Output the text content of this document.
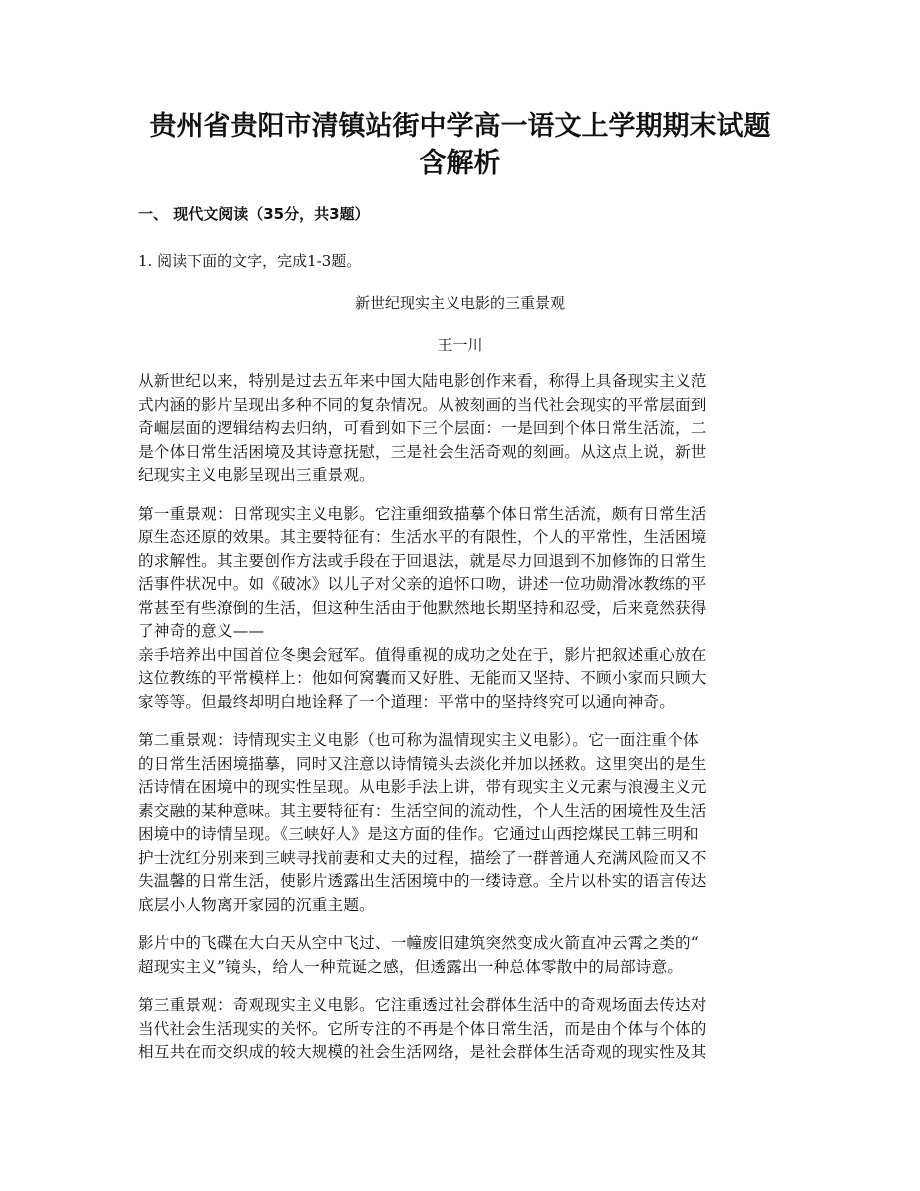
贵州省贵阳市清镇站街中学高一语文上学期期末试题
含解析

一、 现代文阅读（35分，共3题）

1. 阅读下面的文字，完成1-3题。

新世纪现实主义电影的三重景观

王一川

从新世纪以来，特别是过去五年来中国大陆电影创作来看，称得上具备现实主义范
式内涵的影片呈现出多种不同的复杂情况。从被刻画的当代社会现实的平常层面到
奇崛层面的逻辑结构去归纳，可看到如下三个层面：一是回到个体日常生活流，二
是个体日常生活困境及其诗意抚慰，三是社会生活奇观的刻画。从这点上说，新世
纪现实主义电影呈现出三重景观。

第一重景观：日常现实主义电影。它注重细致描摹个体日常生活流，颇有日常生活
原生态还原的效果。其主要特征有：生活水平的有限性，个人的平常性，生活困境
的求解性。其主要创作方法或手段在于回退法，就是尽力回退到不加修饰的日常生
活事件状况中。如《破冰》以儿子对父亲的追怀口吻，讲述一位功勋滑冰教练的平
常甚至有些潦倒的生活，但这种生活由于他默然地长期坚持和忍受，后来竟然获得
了神奇的意义——

亲手培养出中国首位冬奥会冠军。值得重视的成功之处在于，影片把叙述重心放在
这位教练的平常模样上：他如何窝囊而又好胜、无能而又坚持、不顾小家而只顾大
家等等。但最终却明白地诠释了一个道理：平常中的坚持终究可以通向神奇。

第二重景观：诗情现实主义电影（也可称为温情现实主义电影）。它一面注重个体
的日常生活困境描摹，同时又注意以诗情镜头去淡化并加以拯救。这里突出的是生
活诗情在困境中的现实性呈现。从电影手法上讲，带有现实主义元素与浪漫主义元
素交融的某种意味。其主要特征有：生活空间的流动性，个人生活的困境性及生活
困境中的诗情呈现。《三峡好人》是这方面的佳作。它通过山西挖煤民工韩三明和
护士沈红分别来到三峡寻找前妻和丈夫的过程，描绘了一群普通人充满风险而又不
失温馨的日常生活，使影片透露出生活困境中的一缕诗意。全片以朴实的语言传达
底层小人物离开家园的沉重主题。

影片中的飞碟在大白天从空中飞过、一幢废旧建筑突然变成火箭直冲云霄之类的“
超现实主义”镜头，给人一种荒诞之感，但透露出一种总体零散中的局部诗意。

第三重景观：奇观现实主义电影。它注重透过社会群体生活中的奇观场面去传达对
当代社会生活现实的关怀。它所专注的不再是个体日常生活，而是由个体与个体的
相互共在而交织成的较大规模的社会生活网络，是社会群体生活奇观的现实性及其
